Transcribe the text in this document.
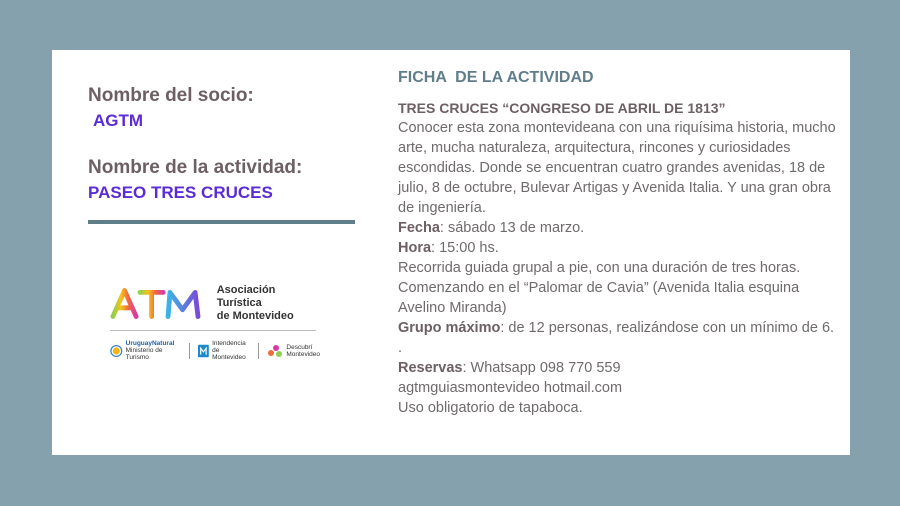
Nombre del socio:
AGTM
Nombre de la actividad:
PASEO TRES CRUCES
Asociación Turística
de Montevideo
UruguayNatural
Ministerio de Turismo
Intendencia
de Montevideo
Descubrí
Montevideo
FICHA  DE LA ACTIVIDAD
TRES CRUCES “CONGRESO DE ABRIL DE 1813”

Conocer esta zona montevideana con una riquísima historia, mucho arte, mucha naturaleza, arquitectura, rincones y curiosidades escondidas. Donde se encuentran cuatro grandes avenidas, 18 de julio, 8 de octubre, Bulevar Artigas y Avenida Italia. Y una gran obra de ingeniería.

Fecha: sábado 13 de marzo.

Hora: 15:00 hs.

Recorrida guiada grupal a pie, con una duración de tres horas. Comenzando en el “Palomar de Cavia” (Avenida Italia esquina Avelino Miranda)

Grupo máximo: de 12 personas, realizándose con un mínimo de 6.

.

Reservas: Whatsapp 098 770 559

agtmguiasmontevideo hotmail.com

Uso obligatorio de tapaboca.
